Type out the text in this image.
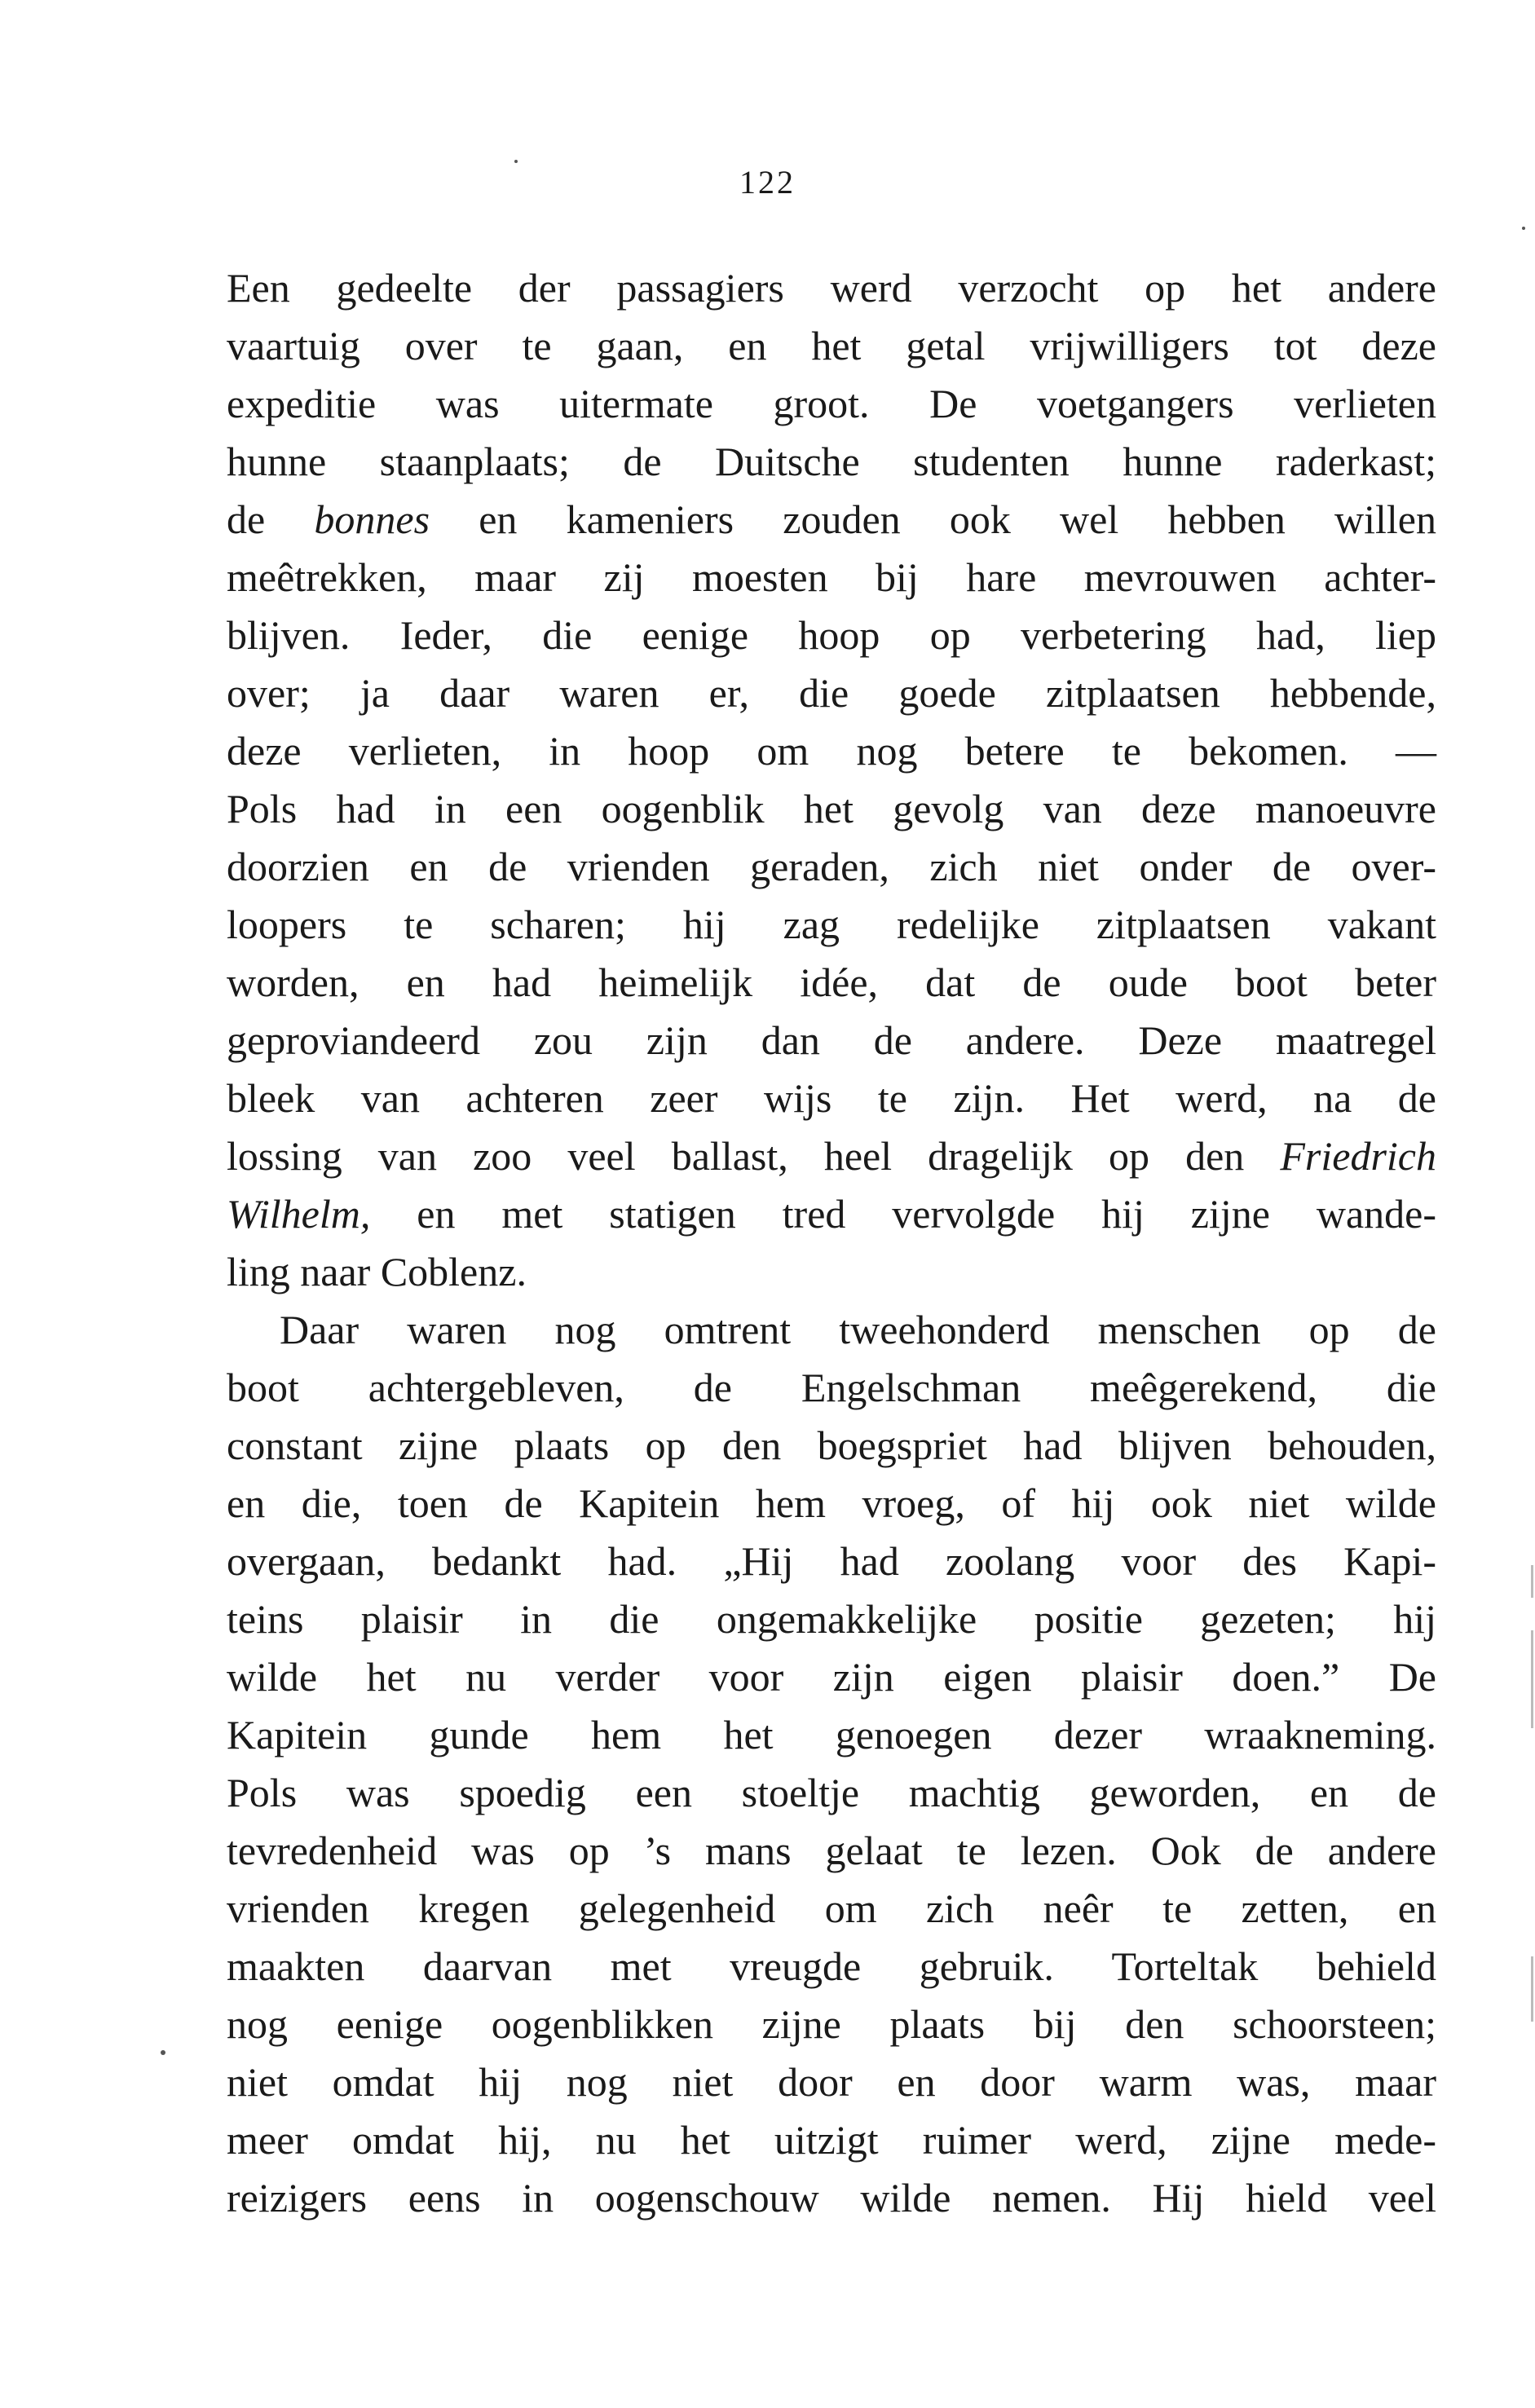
122
Een gedeelte der passagiers werd verzocht op het andere
vaartuig over te gaan, en het getal vrijwilligers tot deze
expeditie was uitermate groot. De voetgangers verlieten
hunne staanplaats; de Duitsche studenten hunne raderkast;
de bonnes en kameniers zouden ook wel hebben willen
meêtrekken, maar zij moesten bij hare mevrouwen achter-
blijven. Ieder, die eenige hoop op verbetering had, liep
over; ja daar waren er, die goede zitplaatsen hebbende,
deze verlieten, in hoop om nog betere te bekomen. —
Pols had in een oogenblik het gevolg van deze manoeuvre
doorzien en de vrienden geraden, zich niet onder de over-
loopers te scharen; hij zag redelijke zitplaatsen vakant
worden, en had heimelijk idée, dat de oude boot beter
geproviandeerd zou zijn dan de andere. Deze maatregel
bleek van achteren zeer wijs te zijn. Het werd, na de
lossing van zoo veel ballast, heel dragelijk op den Friedrich
Wilhelm, en met statigen tred vervolgde hij zijne wande-
ling naar Coblenz.
Daar waren nog omtrent tweehonderd menschen op de
boot achtergebleven, de Engelschman meêgerekend, die
constant zijne plaats op den boegspriet had blijven behouden,
en die, toen de Kapitein hem vroeg, of hij ook niet wilde
overgaan, bedankt had. „Hij had zoolang voor des Kapi-
teins plaisir in die ongemakkelijke positie gezeten; hij
wilde het nu verder voor zijn eigen plaisir doen.” De
Kapitein gunde hem het genoegen dezer wraakneming.
Pols was spoedig een stoeltje machtig geworden, en de
tevredenheid was op ’s mans gelaat te lezen. Ook de andere
vrienden kregen gelegenheid om zich neêr te zetten, en
maakten daarvan met vreugde gebruik. Torteltak behield
nog eenige oogenblikken zijne plaats bij den schoorsteen;
niet omdat hij nog niet door en door warm was, maar
meer omdat hij, nu het uitzigt ruimer werd, zijne mede-
reizigers eens in oogenschouw wilde nemen. Hij hield veel
